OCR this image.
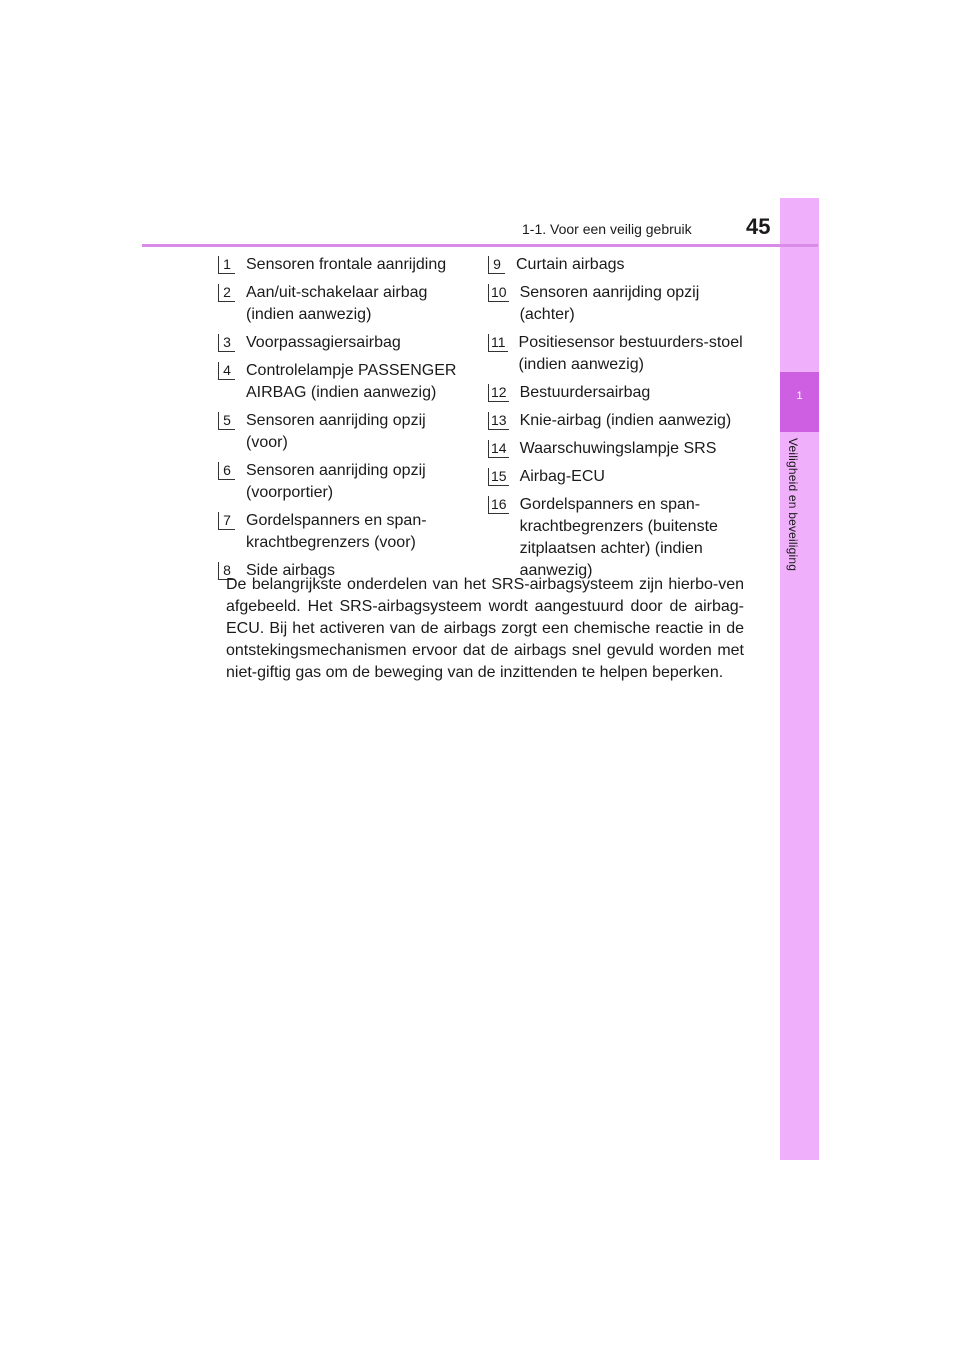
1
Veiligheid en beveiliging
1-1. Voor een veilig gebruik 45
1 Sensoren frontale aanrijding
2 Aan/uit-schakelaar airbag (indien aanwezig)
3 Voorpassagiersairbag
4 Controlelampje PASSENGER AIRBAG (indien aanwezig)
5 Sensoren aanrijding opzij (voor)
6 Sensoren aanrijding opzij (voorportier)
7 Gordelspanners en span-krachtbegrenzers (voor)
8 Side airbags
9 Curtain airbags
10 Sensoren aanrijding opzij (achter)
11 Positiesensor bestuurders-stoel (indien aanwezig)
12 Bestuurdersairbag
13 Knie-airbag (indien aanwezig)
14 Waarschuwingslampje SRS
15 Airbag-ECU
16 Gordelspanners en span-krachtbegrenzers (buitenste zitplaatsen achter) (indien aanwezig)

De belangrijkste onderdelen van het SRS-airbagsysteem zijn hierbo-ven afgebeeld. Het SRS-airbagsysteem wordt aangestuurd door de airbag-ECU. Bij het activeren van de airbags zorgt een chemische reactie in de ontstekingsmechanismen ervoor dat de airbags snel gevuld worden met niet-giftig gas om de beweging van de inzittenden te helpen beperken.
